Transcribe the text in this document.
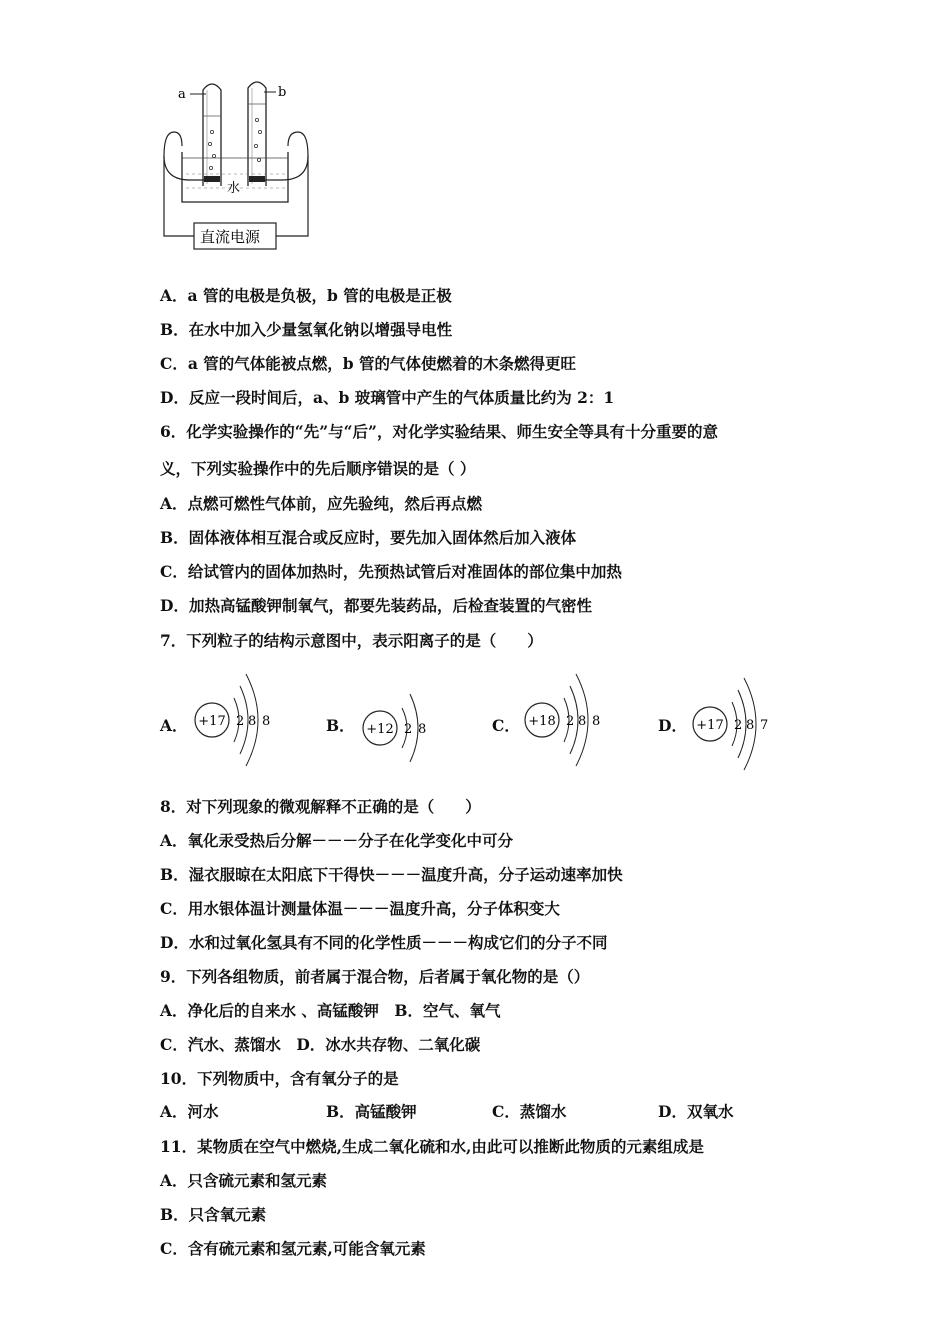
a	b
水
直流电源
A．a 管的电极是负极，b 管的电极是正极
B．在水中加入少量氢氧化钠以增强导电性
C．a 管的气体能被点燃，b 管的气体使燃着的木条燃得更旺
D．反应一段时间后，a、b 玻璃管中产生的气体质量比约为 2：1
6．化学实验操作的“先”与“后”，对化学实验结果、师生安全等具有十分重要的意
义，下列实验操作中的先后顺序错误的是（ ）
A．点燃可燃性气体前，应先验纯，然后再点燃
B．固体液体相互混合或反应时，要先加入固体然后加入液体
C．给试管内的固体加热时，先预热试管后对准固体的部位集中加热
D．加热高锰酸钾制氧气，都要先装药品，后检查装置的气密性
7．下列粒子的结构示意图中，表示阳离子的是（　　）
A． +17 2 8 8	B． +12 2 8	C． +18 2 8 8	D． +17 2 8 7
8．对下列现象的微观解释不正确的是（　　）
A．氧化汞受热后分解－－－分子在化学变化中可分
B．湿衣服晾在太阳底下干得快－－－温度升高，分子运动速率加快
C．用水银体温计测量体温－－－温度升高，分子体积变大
D．水和过氧化氢具有不同的化学性质－－－构成它们的分子不同
9．下列各组物质，前者属于混合物，后者属于氧化物的是（）
A．净化后的自来水 、高锰酸钾　B．空气、氧气
C．汽水、蒸馏水　D．冰水共存物、二氧化碳
10．下列物质中，含有氧分子的是
A．河水	B．高锰酸钾	C．蒸馏水	D．双氧水
11．某物质在空气中燃烧,生成二氧化硫和水,由此可以推断此物质的元素组成是
A．只含硫元素和氢元素
B．只含氧元素
C．含有硫元素和氢元素,可能含氧元素
